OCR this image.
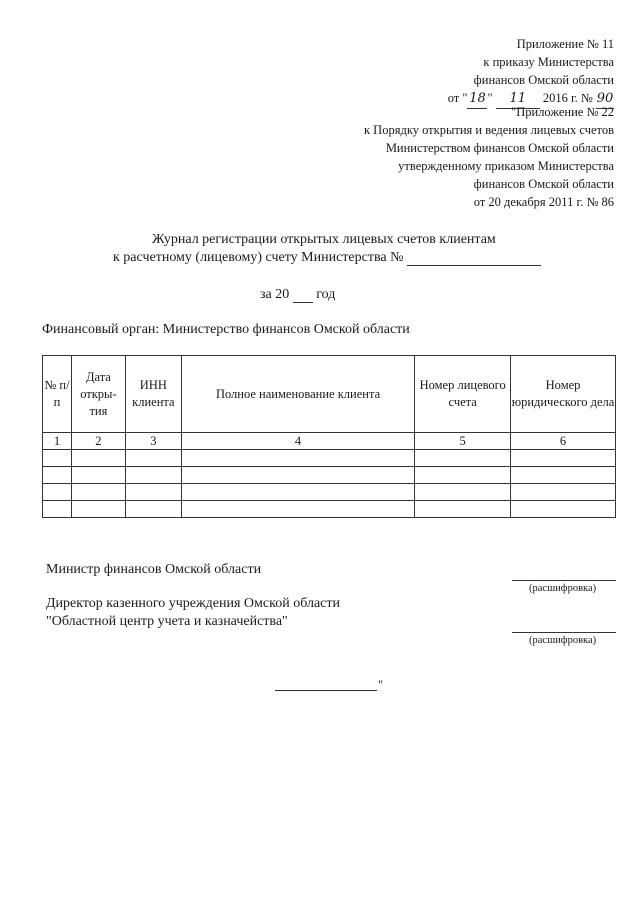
Приложение № 11
к приказу Министерства
финансов Омской области
от " 18 " 11 2016 г. № 90
"Приложение № 22
к Порядку открытия и ведения лицевых счетов
Министерством финансов Омской области
утвержденному приказом Министерства
финансов Омской области
от 20 декабря 2011 г. № 86
Журнал регистрации открытых лицевых счетов клиентам
к расчетному (лицевому) счету Министерства №
за 20 год
Финансовый орган: Министерство финансов Омской области
№ п/п	Дата откры-тия	ИНН клиента	Полное наименование клиента	Номер лицевого счета	Номер юридического дела
1	2	3	4	5	6

Министр финансов Омской области
(расшифровка)
Директор казенного учреждения Омской области
"Областной центр учета и казначейства"
(расшифровка)
"
